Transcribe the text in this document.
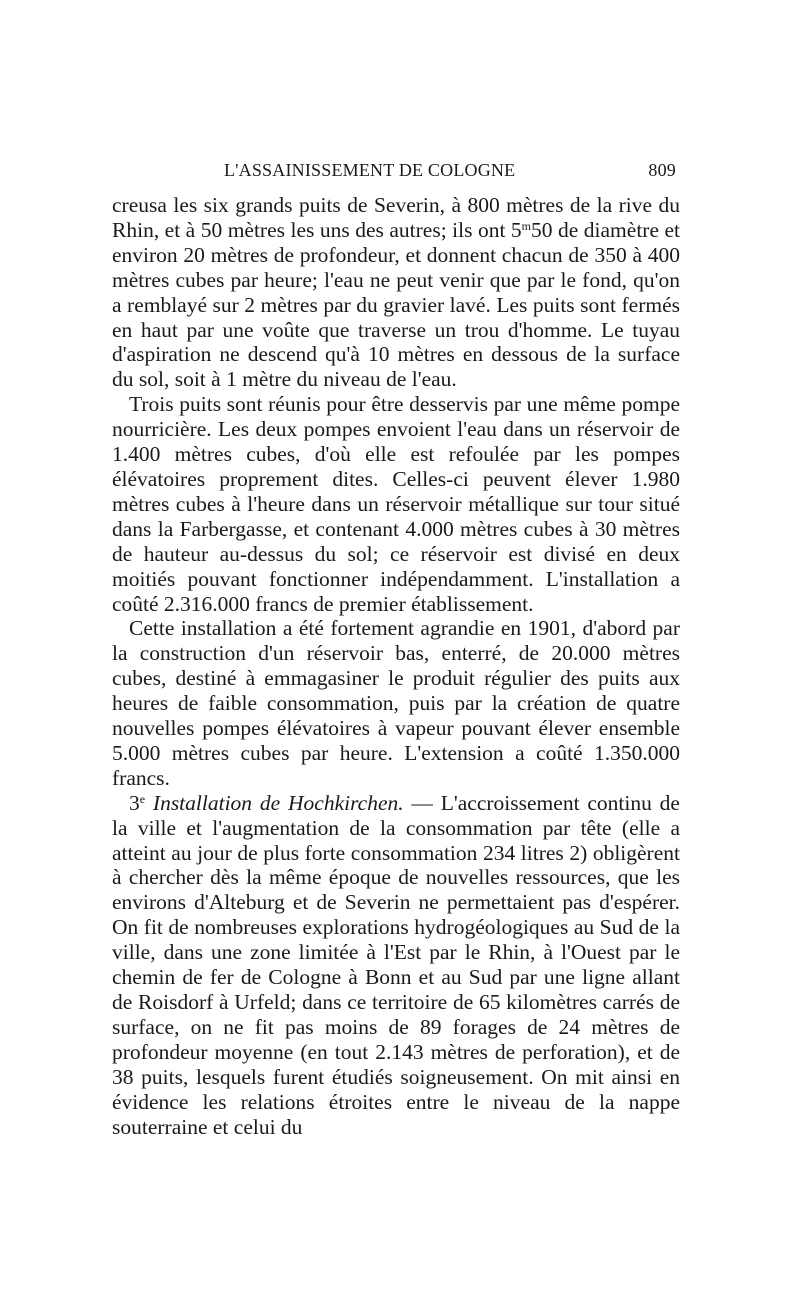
L'ASSAINISSEMENT DE COLOGNE	809

creusa les six grands puits de Severin, à 800 mètres de la rive du Rhin, et à 50 mètres les uns des autres; ils ont 5$^m$50 de diamètre et environ 20 mètres de profondeur, et donnent chacun de 350 à 400 mètres cubes par heure; l'eau ne peut venir que par le fond, qu'on a remblayé sur 2 mètres par du gravier lavé. Les puits sont fermés en haut par une voûte que traverse un trou d'homme. Le tuyau d'aspiration ne descend qu'à 10 mètres en dessous de la surface du sol, soit à 1 mètre du niveau de l'eau.

Trois puits sont réunis pour être desservis par une même pompe nourricière. Les deux pompes envoient l'eau dans un réservoir de 1.400 mètres cubes, d'où elle est refoulée par les pompes élévatoires proprement dites. Celles-ci peuvent élever 1.980 mètres cubes à l'heure dans un réservoir métallique sur tour situé dans la Farbergasse, et contenant 4.000 mètres cubes à 30 mètres de hauteur au-dessus du sol; ce réservoir est divisé en deux moitiés pouvant fonctionner indépendamment. L'installation a coûté 2.316.000 francs de premier établissement.

Cette installation a été fortement agrandie en 1901, d'abord par la construction d'un réservoir bas, enterré, de 20.000 mètres cubes, destiné à emmagasiner le produit régulier des puits aux heures de faible consommation, puis par la création de quatre nouvelles pompes élévatoires à vapeur pouvant élever ensemble 5.000 mètres cubes par heure. L'extension a coûté 1.350.000 francs.

3e Installation de Hochkirchen. — L'accroissement continu de la ville et l'augmentation de la consommation par tête (elle a atteint au jour de plus forte consommation 234 litres 2) obligèrent à chercher dès la même époque de nouvelles ressources, que les environs d'Alteburg et de Severin ne permettaient pas d'espérer. On fit de nombreuses explorations hydrogéologiques au Sud de la ville, dans une zone limitée à l'Est par le Rhin, à l'Ouest par le chemin de fer de Cologne à Bonn et au Sud par une ligne allant de Roisdorf à Urfeld; dans ce territoire de 65 kilomètres carrés de surface, on ne fit pas moins de 89 forages de 24 mètres de profondeur moyenne (en tout 2.143 mètres de perforation), et de 38 puits, lesquels furent étudiés soigneusement. On mit ainsi en évidence les relations étroites entre le niveau de la nappe souterraine et celui du
